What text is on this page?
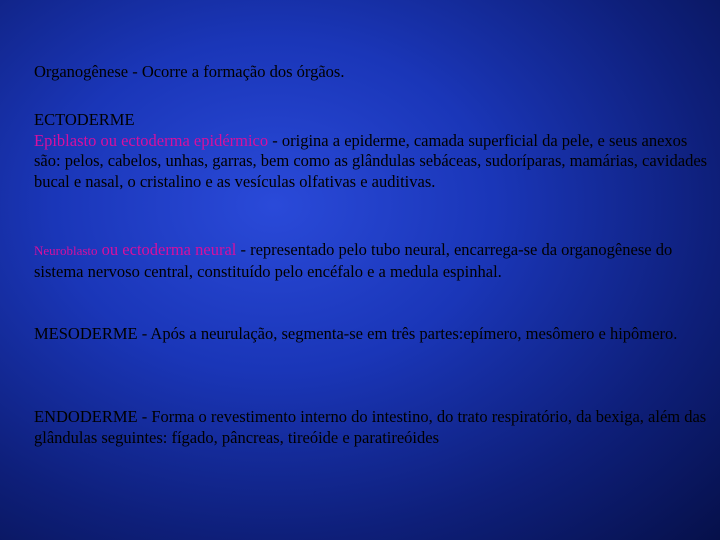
Organogênese - Ocorre a formação dos órgãos.

ECTODERME
Epiblasto ou ectoderma epidérmico - origina a epiderme, camada superficial da pele, e seus anexos são: pelos, cabelos, unhas, garras, bem como as glândulas sebáceas, sudoríparas, mamárias, cavidades bucal e nasal, o cristalino e as vesículas olfativas e auditivas.

Neuroblasto ou ectoderma neural - representado pelo tubo neural, encarrega-se da organogênese do sistema nervoso central, constituído pelo encéfalo e a medula espinhal.

MESODERME - Após a neurulação, segmenta-se em três partes:epímero, mesômero e hipômero.

ENDODERME - Forma o revestimento interno do intestino, do trato respiratório, da bexiga, além das glândulas seguintes: fígado, pâncreas, tireóide e paratireóides
